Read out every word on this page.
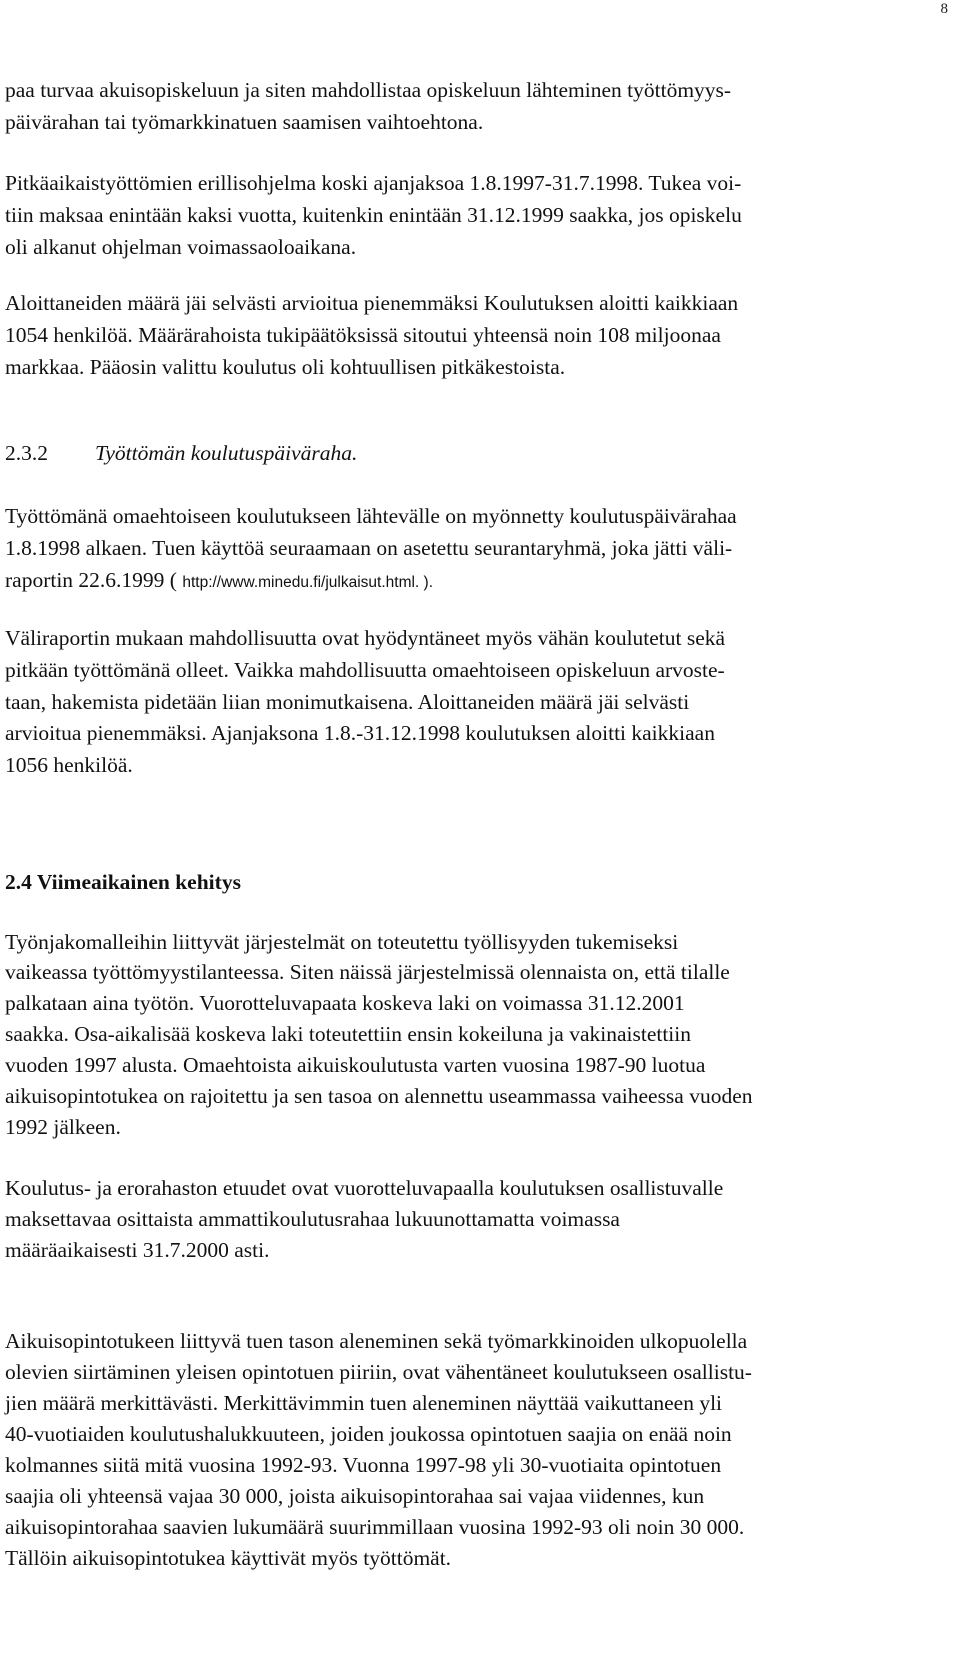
8
paa turvaa akuisopiskeluun ja siten mahdollistaa opiskeluun lähteminen työttömyys-
päivärahan tai työmarkkinatuen saamisen vaihtoehtona.
Pitkäaikaistyöttömien erillisohjelma koski ajanjaksoa 1.8.1997-31.7.1998. Tukea voi-
tiin maksaa enintään kaksi vuotta, kuitenkin enintään 31.12.1999 saakka, jos opiskelu
oli alkanut ohjelman voimassaoloaikana.
Aloittaneiden määrä jäi selvästi arvioitua pienemmäksi Koulutuksen aloitti kaikkiaan
1054 henkilöä. Määrärahoista tukipäätöksissä sitoutui yhteensä noin 108 miljoonaa
markkaa. Pääosin valittu koulutus oli kohtuullisen pitkäkestoista.
2.3.2 Työttömän koulutuspäiväraha.
Työttömänä omaehtoiseen koulutukseen lähtevälle on myönnetty koulutuspäivärahaa
1.8.1998 alkaen. Tuen käyttöä seuraamaan on asetettu seurantaryhmä, joka jätti väli-
raportin 22.6.1999 ( http://www.minedu.fi/julkaisut.html. ).
Väliraportin mukaan mahdollisuutta ovat hyödyntäneet myös vähän koulutetut sekä
pitkään työttömänä olleet. Vaikka mahdollisuutta omaehtoiseen opiskeluun arvoste-
taan, hakemista pidetään liian monimutkaisena. Aloittaneiden määrä jäi selvästi
arvioitua pienemmäksi. Ajanjaksona 1.8.-31.12.1998 koulutuksen aloitti kaikkiaan
1056 henkilöä.
2.4 Viimeaikainen kehitys
Työnjakomalleihin liittyvät järjestelmät on toteutettu työllisyyden tukemiseksi
vaikeassa työttömyystilanteessa. Siten näissä järjestelmissä olennaista on, että tilalle
palkataan aina työtön. Vuorotteluvapaata koskeva laki on voimassa 31.12.2001
saakka. Osa-aikalisää koskeva laki toteutettiin ensin kokeiluna ja vakinaistettiin
vuoden 1997 alusta. Omaehtoista aikuiskoulutusta varten vuosina 1987-90 luotua
aikuisopintotukea on rajoitettu ja sen tasoa on alennettu useammassa vaiheessa vuoden
1992 jälkeen.
Koulutus- ja erorahaston etuudet ovat vuorotteluvapaalla koulutuksen osallistuvalle
maksettavaa osittaista ammattikoulutusrahaa lukuunottamatta voimassa
määräaikaisesti 31.7.2000 asti.
Aikuisopintotukeen liittyvä tuen tason aleneminen sekä työmarkkinoiden ulkopuolella
olevien siirtäminen yleisen opintotuen piiriin, ovat vähentäneet koulutukseen osallistu-
jien määrä merkittävästi. Merkittävimmin tuen aleneminen näyttää vaikuttaneen yli
40-vuotiaiden koulutushalukkuuteen, joiden joukossa opintotuen saajia on enää noin
kolmannes siitä mitä vuosina 1992-93. Vuonna 1997-98 yli 30-vuotiaita opintotuen
saajia oli yhteensä vajaa 30 000, joista aikuisopintorahaa sai vajaa viidennes, kun
aikuisopintorahaa saavien lukumäärä suurimmillaan vuosina 1992-93 oli noin 30 000.
Tällöin aikuisopintotukea käyttivät myös työttömät.
